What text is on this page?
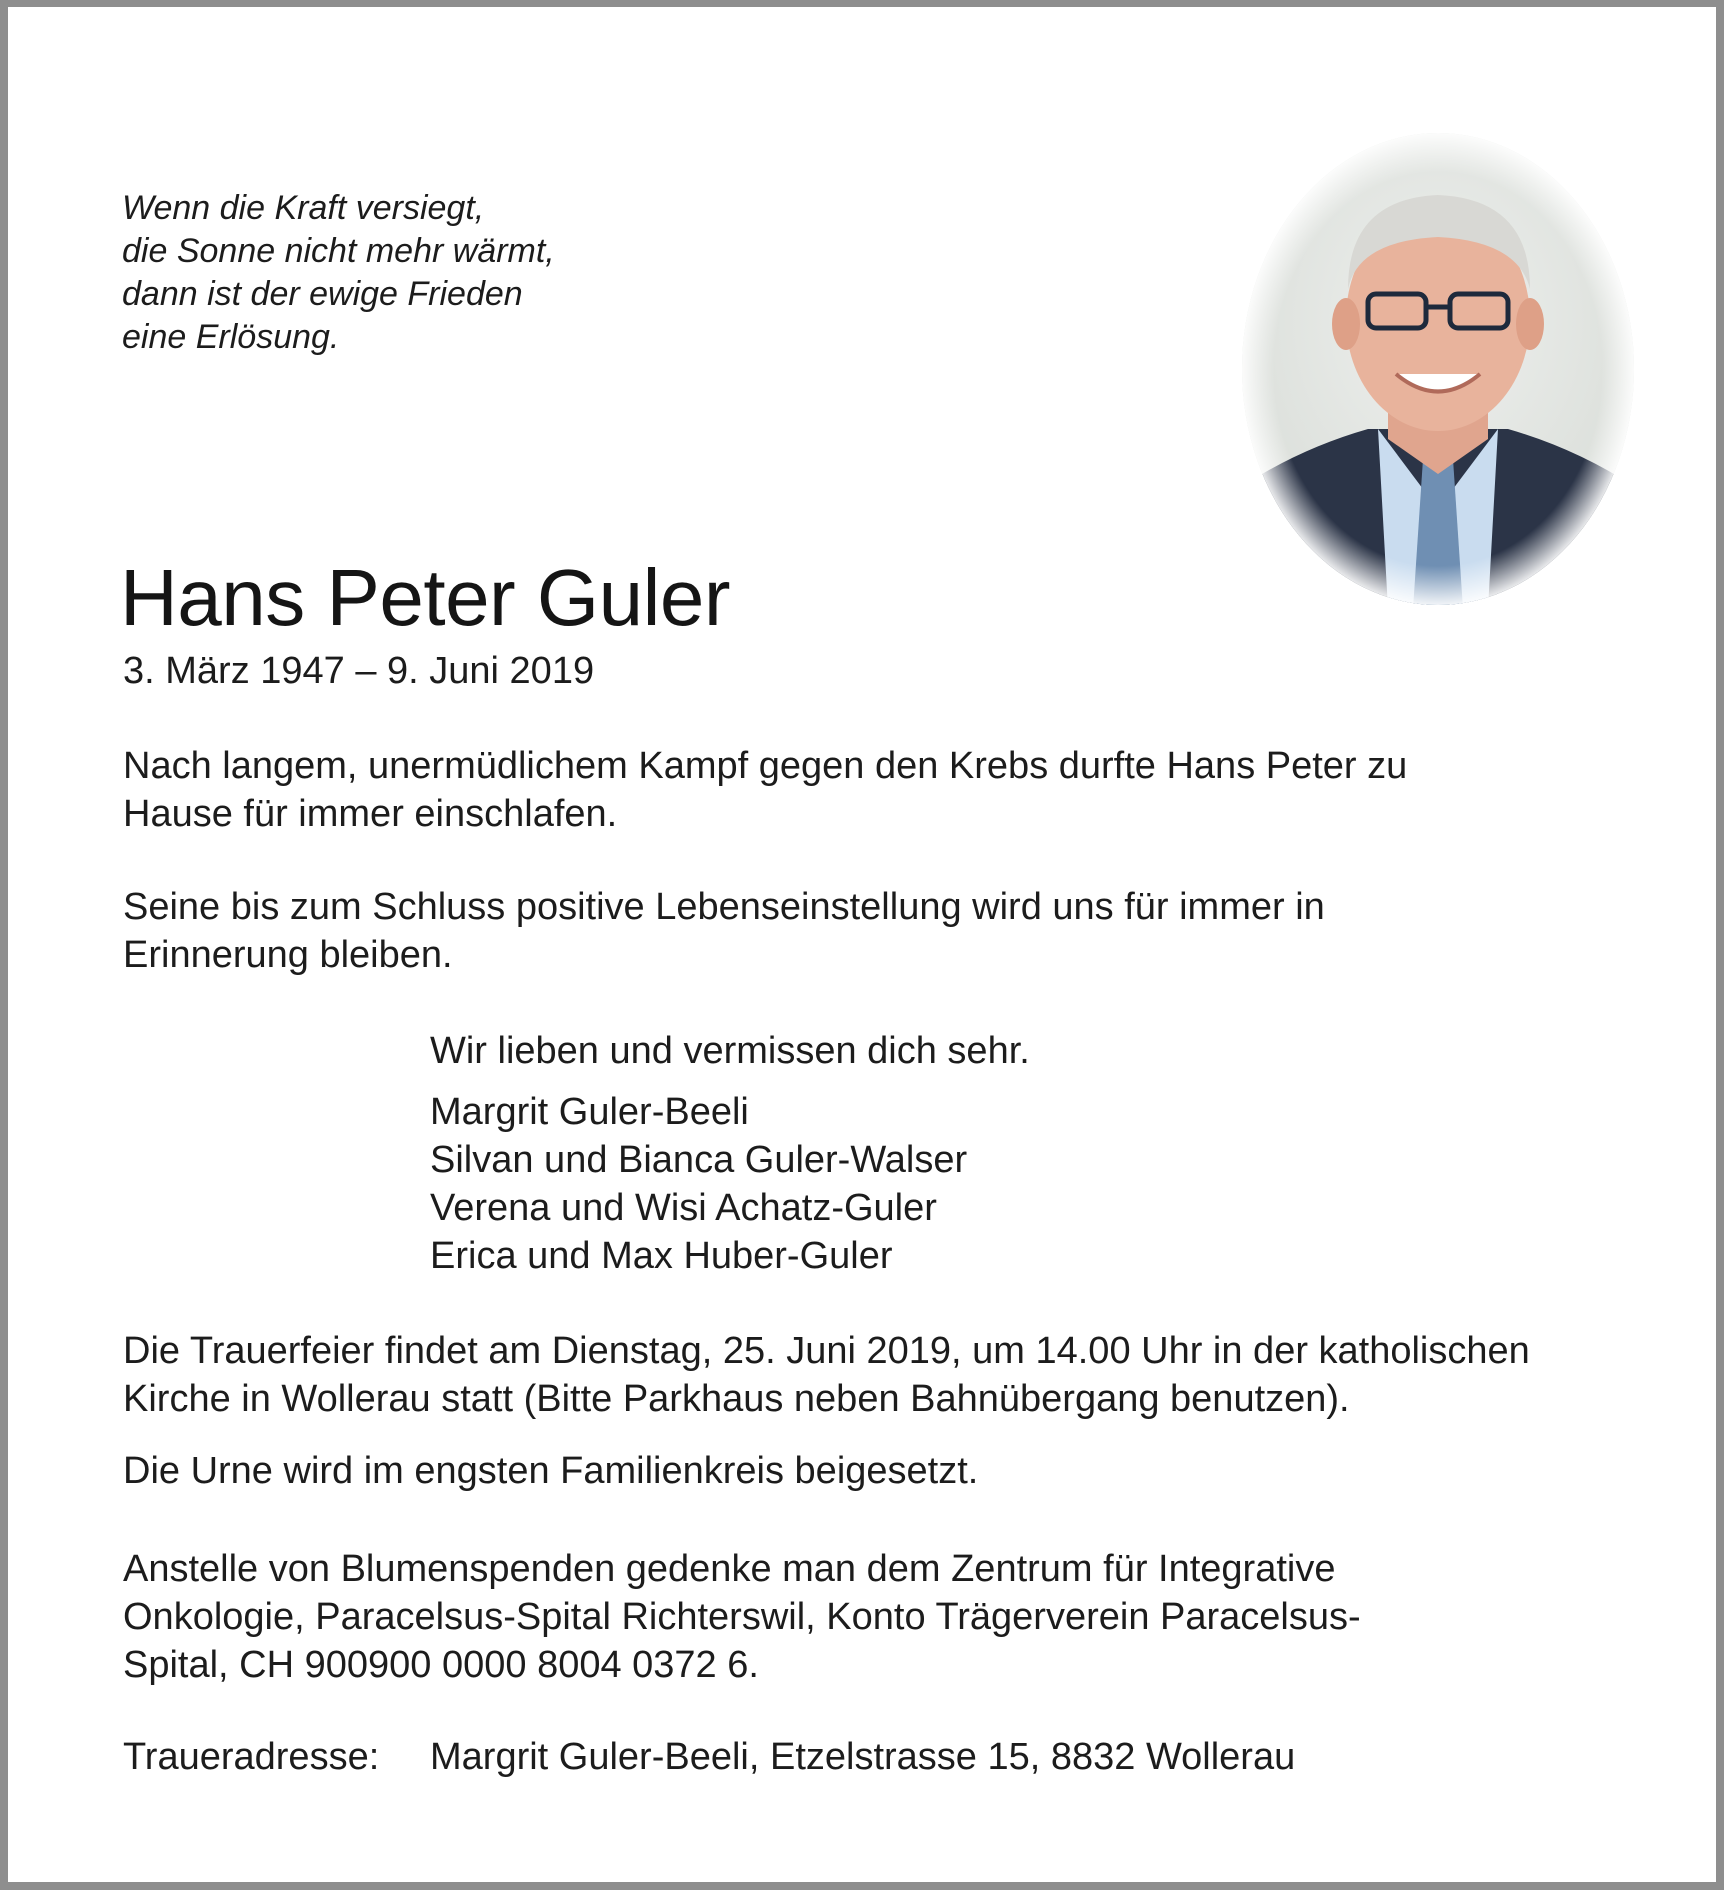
Wenn die Kraft versiegt,
die Sonne nicht mehr wärmt,
dann ist der ewige Frieden
eine Erlösung.
Hans Peter Guler

3. März 1947 – 9. Juni 2019

Nach langem, unermüdlichem Kampf gegen den Krebs durfte Hans Peter zu
Hause für immer einschlafen.
Seine bis zum Schluss positive Lebenseinstellung wird uns für immer in
Erinnerung bleiben.

Wir lieben und vermissen dich sehr.

Margrit Guler-Beeli
Silvan und Bianca Guler-Walser
Verena und Wisi Achatz-Guler
Erica und Max Huber-Guler
Die Trauerfeier findet am Dienstag, 25. Juni 2019, um 14.00 Uhr in der katholischen
Kirche in Wollerau statt (Bitte Parkhaus neben Bahnübergang benutzen).

Die Urne wird im engsten Familienkreis beigesetzt.

Anstelle von Blumenspenden gedenke man dem Zentrum für Integrative
Onkologie, Paracelsus-Spital Richterswil, Konto Trägerverein Paracelsus-
Spital, CH 900900 0000 8004 0372 6.

Traueradresse: Margrit Guler-Beeli, Etzelstrasse 15, 8832 Wollerau
